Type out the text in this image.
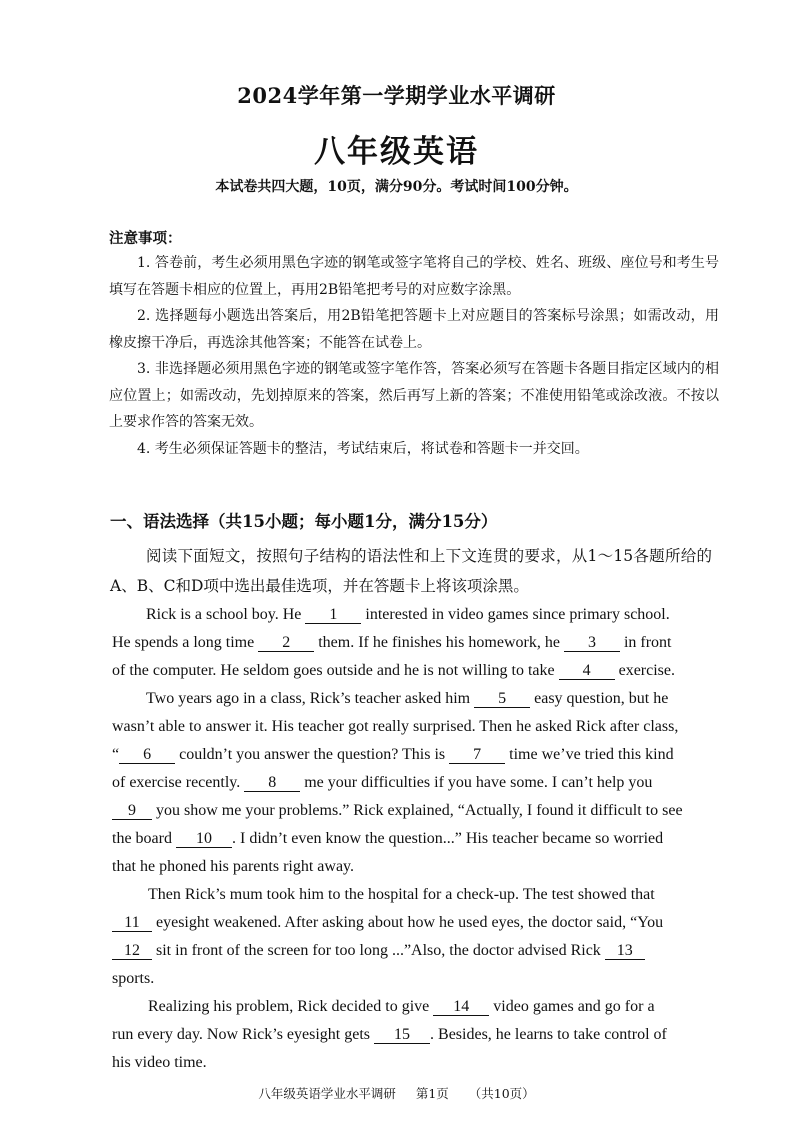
2024学年第一学期学业水平调研
八年级英语
本试卷共四大题，10页，满分90分。考试时间100分钟。
注意事项：

1. 答卷前，考生必须用黑色字迹的钢笔或签字笔将自己的学校、姓名、班级、座位号和考生号填写在答题卡相应的位置上，再用2B铅笔把考号的对应数字涂黑。

2. 选择题每小题选出答案后，用2B铅笔把答题卡上对应题目的答案标号涂黑；如需改动，用橡皮擦干净后，再选涂其他答案；不能答在试卷上。

3. 非选择题必须用黑色字迹的钢笔或签字笔作答，答案必须写在答题卡各题目指定区域内的相应位置上；如需改动，先划掉原来的答案，然后再写上新的答案；不准使用铅笔或涂改液。不按以上要求作答的答案无效。

4. 考生必须保证答题卡的整洁，考试结束后，将试卷和答题卡一并交回。

一、语法选择（共15小题；每小题1分，满分15分）

阅读下面短文，按照句子结构的语法性和上下文连贯的要求，从1～15各题所给的A、B、C和D项中选出最佳选项，并在答题卡上将该项涂黑。

Rick is a school boy. He 1 interested in video games since primary school.
He spends a long time 2 them. If he finishes his homework, he 3 in front
of the computer. He seldom goes outside and he is not willing to take 4 exercise.
Two years ago in a class, Rick’s teacher asked him 5 easy question, but he
wasn’t able to answer it. His teacher got really surprised. Then he asked Rick after class,
“ 6 couldn’t you answer the question? This is 7 time we’ve tried this kind
of exercise recently. 8 me your difficulties if you have some. I can’t help you
9 you show me your problems.” Rick explained, “Actually, I found it difficult to see
the board 10 . I didn’t even know the question...” His teacher became so worried
that he phoned his parents right away.
Then Rick’s mum took him to the hospital for a check-up. The test showed that
11 eyesight weakened. After asking about how he used eyes, the doctor said, “You
12 sit in front of the screen for too long ...”Also, the doctor advised Rick 13
sports.
Realizing his problem, Rick decided to give 14 video games and go for a
run every day. Now Rick’s eyesight gets 15 . Besides, he learns to take control of
his video time.
八年级英语学业水平调研 第1页 （共10页）
